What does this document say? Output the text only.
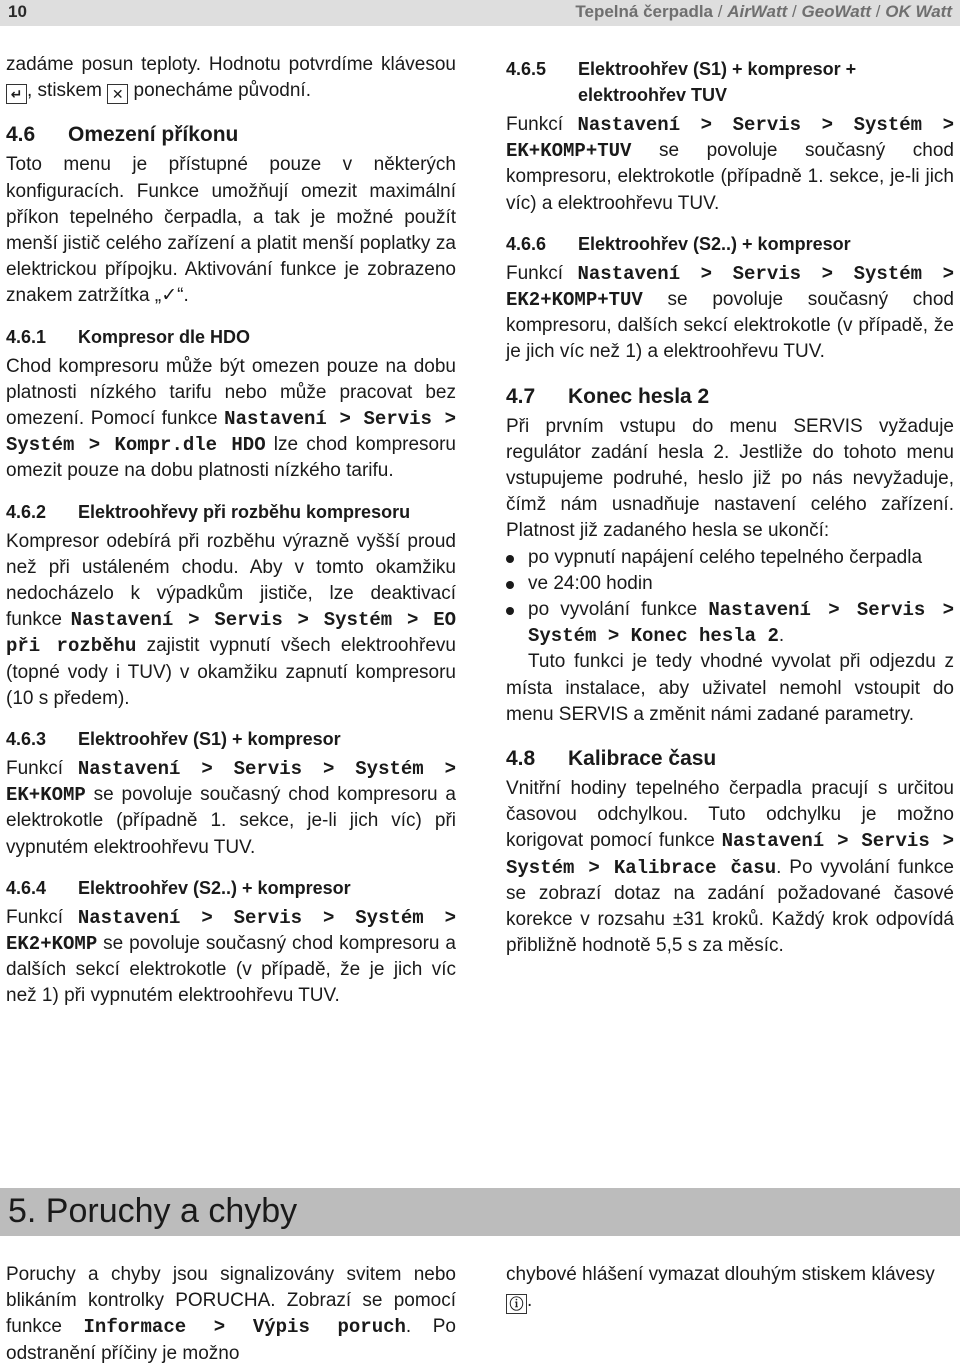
10	Tepelná čerpadla / AirWatt / GeoWatt / OK Watt

zadáme posun teploty. Hodnotu potvrdíme klávesou ↵ , stiskem ✕ ponecháme původní.

4.6 Omezení příkonu

Toto menu je přístupné pouze v některých konfiguracích. Funkce umožňují omezit maximální příkon tepelného čerpadla, a tak je možné použít menší jistič celého zařízení a platit menší poplatky za elektrickou přípojku. Aktivování funkce je zobrazeno znakem zatržítka „✓“.

4.6.1 Kompresor dle HDO

Chod kompresoru může být omezen pouze na dobu platnosti nízkého tarifu nebo může pracovat bez omezení. Pomocí funkce Nastavení > Servis > Systém > Kompr.dle HDO lze chod kompresoru omezit pouze na dobu platnosti nízkého tarifu.

4.6.2 Elektroohřevy při rozběhu kompresoru

Kompresor odebírá při rozběhu výrazně vyšší proud než při ustáleném chodu. Aby v tomto okamžiku nedocházelo k výpadkům jističe, lze deaktivací funkce Nastavení > Servis > Systém > EO při rozběhu zajistit vypnutí všech elektroohřevu (topné vody i TUV) v okamžiku zapnutí kompresoru (10 s předem).

4.6.3 Elektroohřev (S1) + kompresor

Funkcí Nastavení > Servis > Systém > EK+KOMP se povoluje současný chod kompresoru a elektrokotle (případně 1. sekce, je-li jich víc) při vypnutém elektroohřevu TUV.

4.6.4 Elektroohřev (S2..) + kompresor

Funkcí Nastavení > Servis > Systém > EK2+KOMP se povoluje současný chod kompresoru a dalších sekcí elektrokotle (v případě, že je jich víc než 1) při vypnutém elektroohřevu TUV.

4.6.5 Elektroohřev (S1) + kompresor + elektroohřev TUV

Funkcí Nastavení > Servis > Systém > EK+KOMP+TUV se povoluje současný chod kompresoru, elektrokotle (případně 1. sekce, je-li jich víc) a elektroohřevu TUV.

4.6.6 Elektroohřev (S2..) + kompresor

Funkcí Nastavení > Servis > Systém > EK2+KOMP+TUV se povoluje současný chod kompresoru, dalších sekcí elektrokotle (v případě, že je jich víc než 1) a elektroohřevu TUV.

4.7 Konec hesla 2

Při prvním vstupu do menu SERVIS vyžaduje regulátor zadání hesla 2. Jestliže do tohoto menu vstupujeme podruhé, heslo již po nás nevyžaduje, čímž nám usnadňuje nastavení celého zařízení. Platnost již zadaného hesla se ukončí:

po vypnutí napájení celého tepelného čerpadla
ve 24:00 hodin
po vyvolání funkce Nastavení > Servis > Systém > Konec hesla 2.

Tuto funkci je tedy vhodné vyvolat při odjezdu z místa instalace, aby uživatel nemohl vstoupit do menu SERVIS a změnit námi zadané parametry.

4.8 Kalibrace času

Vnitřní hodiny tepelného čerpadla pracují s určitou časovou odchylkou. Tuto odchylku je možno korigovat pomocí funkce Nastavení > Servis > Systém > Kalibrace času. Po vyvolání funkce se zobrazí dotaz na zadání požadované časové korekce v rozsahu ±31 kroků. Každý krok odpovídá přibližně hodnotě 5,5 s za měsíc.

5. Poruchy a chyby

Poruchy a chyby jsou signalizovány svitem nebo blikáním kontrolky PORUCHA. Zobrazí se pomocí funkce Informace > Výpis poruch. Po odstranění příčiny je možno

chybové hlášení vymazat dlouhým stiskem klávesy ⓘ .
